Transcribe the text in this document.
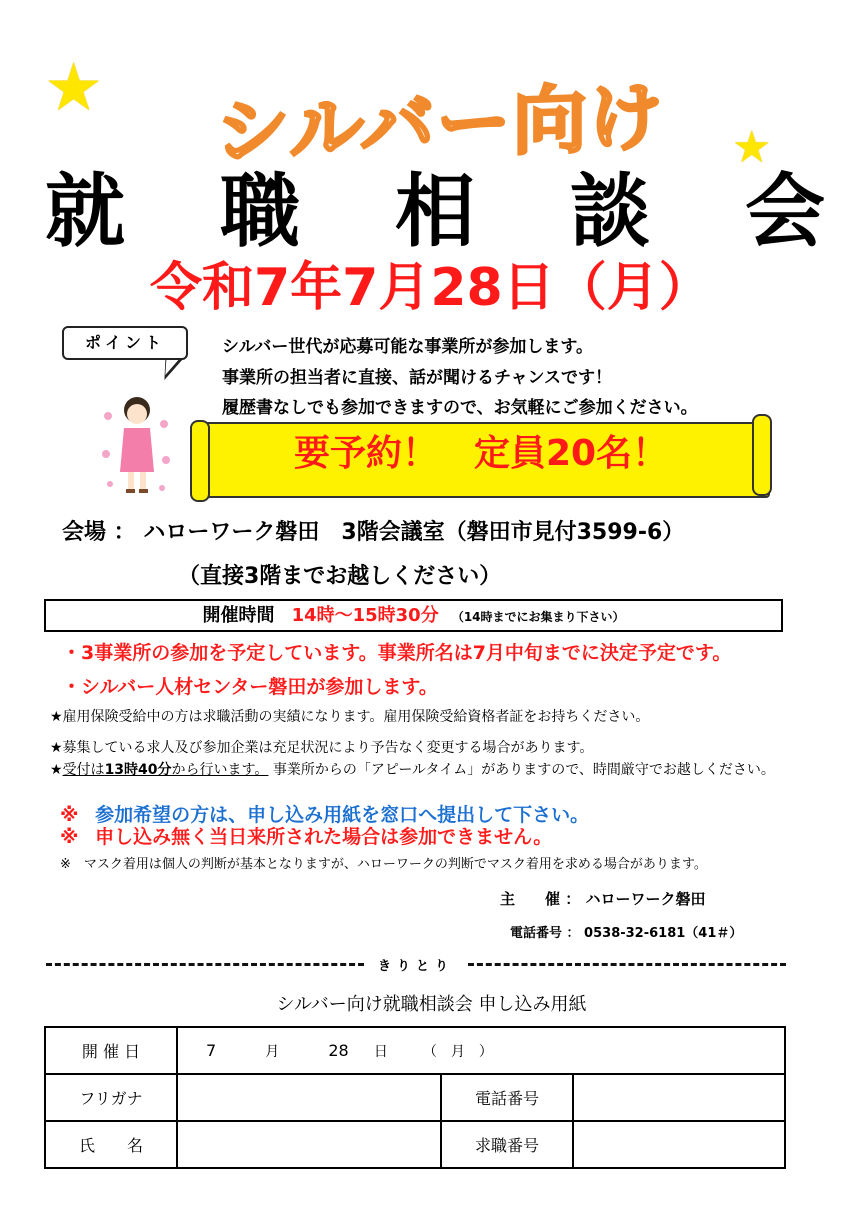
★
★
シルバー向け
就 職 相 談 会
令和7年7月28日（月）
ポイント	シルバー世代が応募可能な事業所が参加します。
事業所の担当者に直接、話が聞けるチャンスです！
履歴書なしでも参加できますので、お気軽にご参加ください。
要予約！　定員20名！
会場 ： ハローワーク磐田　3階会議室（磐田市見付3599-6）
（直接3階までお越しください）
開催時間 14時～15時30分 （14時までにお集まり下さい）
・3事業所の参加を予定しています。事業所名は7月中旬までに決定予定です。
・シルバー人材センター磐田が参加します。
★雇用保険受給中の方は求職活動の実績になります。雇用保険受給資格者証をお持ちください。
★募集している求人及び参加企業は充足状況により予告なく変更する場合があります。
★受付は13時40分から行います。 事業所からの「アピールタイム」がありますので、時間厳守でお越しください。
※ 参加希望の方は、申し込み用紙を窓口へ提出して下さい。
※ 申し込み無く当日来所された場合は参加できません。
※　マスク着用は個人の判断が基本となりますが、ハローワークの判断でマスク着用を求める場合があります。
主　　催 ： ハローワーク磐田
電話番号 ： 0538-32-6181（41＃）
きりとり
シルバー向け就職相談会 申し込み用紙
開 催 日	7 月 28 日 （　月　）		
フリガナ		電話番号	
氏　　名		求職番号	
